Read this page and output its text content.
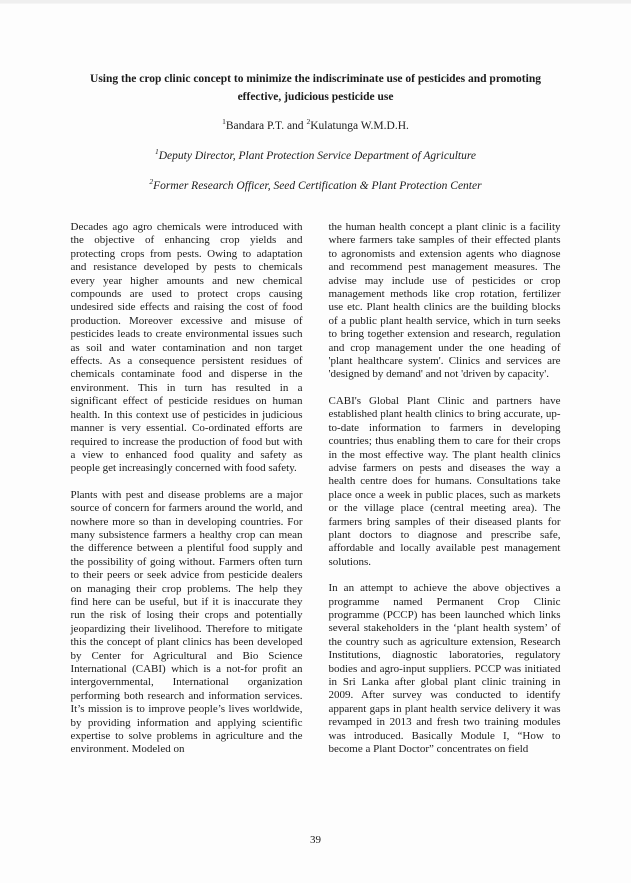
Using the crop clinic concept to minimize the indiscriminate use of pesticides and promoting effective, judicious pesticide use

$^1$Bandara P.T. and $^2$Kulatunga W.M.D.H.

$^1$Deputy Director, Plant Protection Service Department of Agriculture

$^2$Former Research Officer, Seed Certification & Plant Protection Center

Decades ago agro chemicals were introduced with the objective of enhancing crop yields and protecting crops from pests. Owing to adaptation and resistance developed by pests to chemicals every year higher amounts and new chemical compounds are used to protect crops causing undesired side effects and raising the cost of food production. Moreover excessive and misuse of pesticides leads to create environmental issues such as soil and water contamination and non target effects. As a consequence persistent residues of chemicals contaminate food and disperse in the environment. This in turn has resulted in a significant effect of pesticide residues on human health. In this context use of pesticides in judicious manner is very essential. Co-ordinated efforts are required to increase the production of food but with a view to enhanced food quality and safety as people get increasingly concerned with food safety.

Plants with pest and disease problems are a major source of concern for farmers around the world, and nowhere more so than in developing countries. For many subsistence farmers a healthy crop can mean the difference between a plentiful food supply and the possibility of going without. Farmers often turn to their peers or seek advice from pesticide dealers on managing their crop problems. The help they find here can be useful, but if it is inaccurate they run the risk of losing their crops and potentially jeopardizing their livelihood. Therefore to mitigate this the concept of plant clinics has been developed by Center for Agricultural and Bio Science International (CABI) which is a not-for profit an intergovernmental, International organization performing both research and information services. It’s mission is to improve people’s lives worldwide, by providing information and applying scientific expertise to solve problems in agriculture and the environment. Modeled on

the human health concept a plant clinic is a facility where farmers take samples of their effected plants to agronomists and extension agents who diagnose and recommend pest management measures. The advise may include use of pesticides or crop management methods like crop rotation, fertilizer use etc. Plant health clinics are the building blocks of a public plant health service, which in turn seeks to bring together extension and research, regulation and crop management under the one heading of 'plant healthcare system'. Clinics and services are 'designed by demand' and not 'driven by capacity'.

CABI's Global Plant Clinic and partners have established plant health clinics to bring accurate, up-to-date information to farmers in developing countries; thus enabling them to care for their crops in the most effective way. The plant health clinics advise farmers on pests and diseases the way a health centre does for humans. Consultations take place once a week in public places, such as markets or the village place (central meeting area). The farmers bring samples of their diseased plants for plant doctors to diagnose and prescribe safe, affordable and locally available pest management solutions.

In an attempt to achieve the above objectives a programme named Permanent Crop Clinic programme (PCCP) has been launched which links several stakeholders in the ‘plant health system’ of the country such as agriculture extension, Research Institutions, diagnostic laboratories, regulatory bodies and agro-input suppliers. PCCP was initiated in Sri Lanka after global plant clinic training in 2009. After survey was conducted to identify apparent gaps in plant health service delivery it was revamped in 2013 and fresh two training modules was introduced. Basically Module I, “How to become a Plant Doctor” concentrates on field

39
